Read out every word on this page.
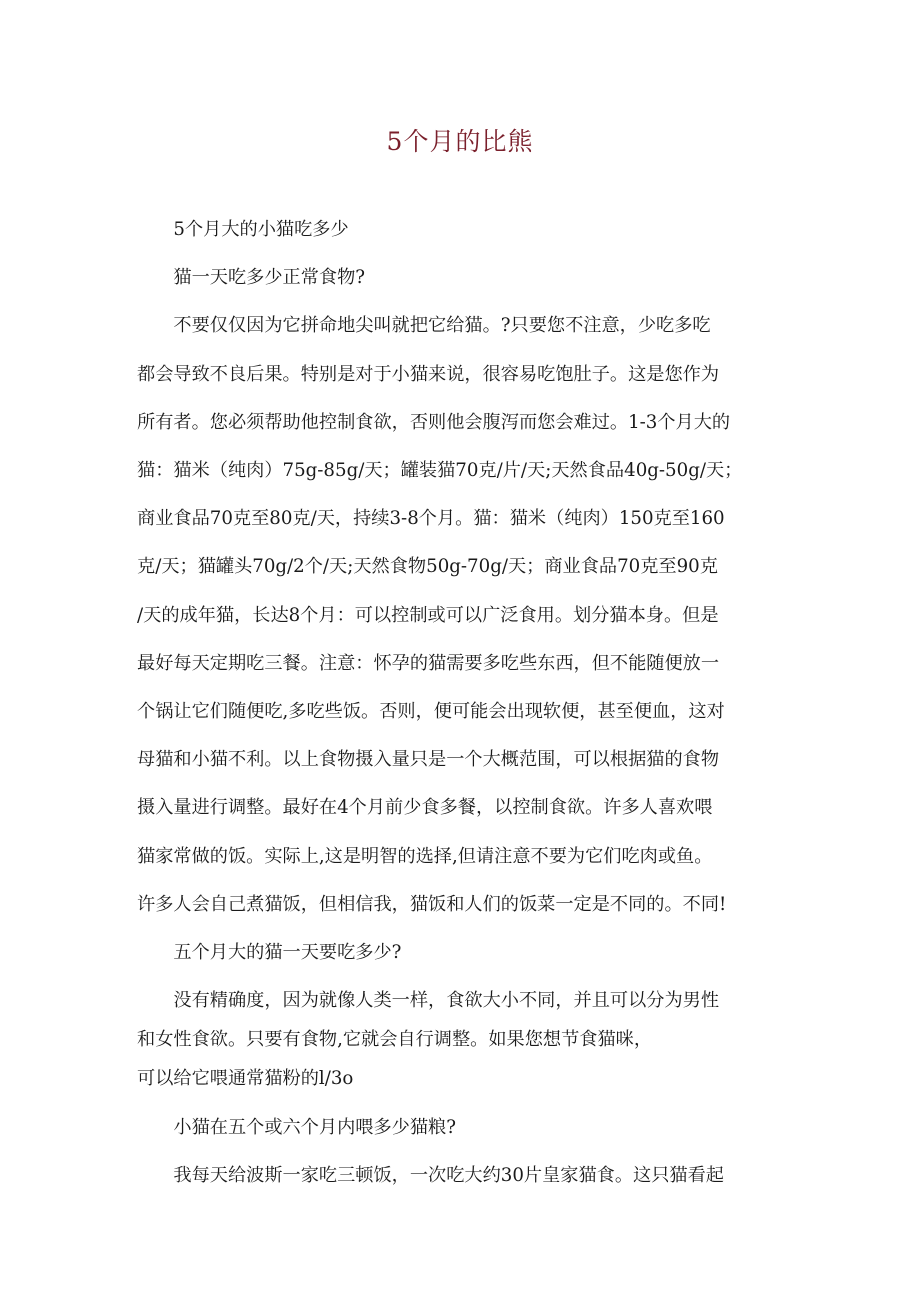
5个月的比熊
5个月大的小猫吃多少
猫一天吃多少正常食物?
不要仅仅因为它拼命地尖叫就把它给猫。?只要您不注意，少吃多吃
都会导致不良后果。特别是对于小猫来说，很容易吃饱肚子。这是您作为
所有者。您必须帮助他控制食欲，否则他会腹泻而您会难过。1-3个月大的
猫：猫米（纯肉）75g-85g/天；罐装猫70克/片/天;天然食品40g-50g/天；
商业食品70克至80克/天，持续3-8个月。猫：猫米（纯肉）150克至160
克/天；猫罐头70g/2个/天;天然食物50g-70g/天；商业食品70克至90克
/天的成年猫，长达8个月：可以控制或可以广泛食用。划分猫本身。但是
最好每天定期吃三餐。注意：怀孕的猫需要多吃些东西，但不能随便放一
个锅让它们随便吃,多吃些饭。否则，便可能会出现软便，甚至便血，这对
母猫和小猫不利。以上食物摄入量只是一个大概范围，可以根据猫的食物
摄入量进行调整。最好在4个月前少食多餐，以控制食欲。许多人喜欢喂
猫家常做的饭。实际上,这是明智的选择,但请注意不要为它们吃肉或鱼。
许多人会自己煮猫饭，但相信我，猫饭和人们的饭菜一定是不同的。不同!
五个月大的猫一天要吃多少?
没有精确度，因为就像人类一样，食欲大小不同，并且可以分为男性
和女性食欲。只要有食物,它就会自行调整。如果您想节食猫咪，
可以给它喂通常猫粉的l/3o
小猫在五个或六个月内喂多少猫粮?
我每天给波斯一家吃三顿饭，一次吃大约30片皇家猫食。这只猫看起
